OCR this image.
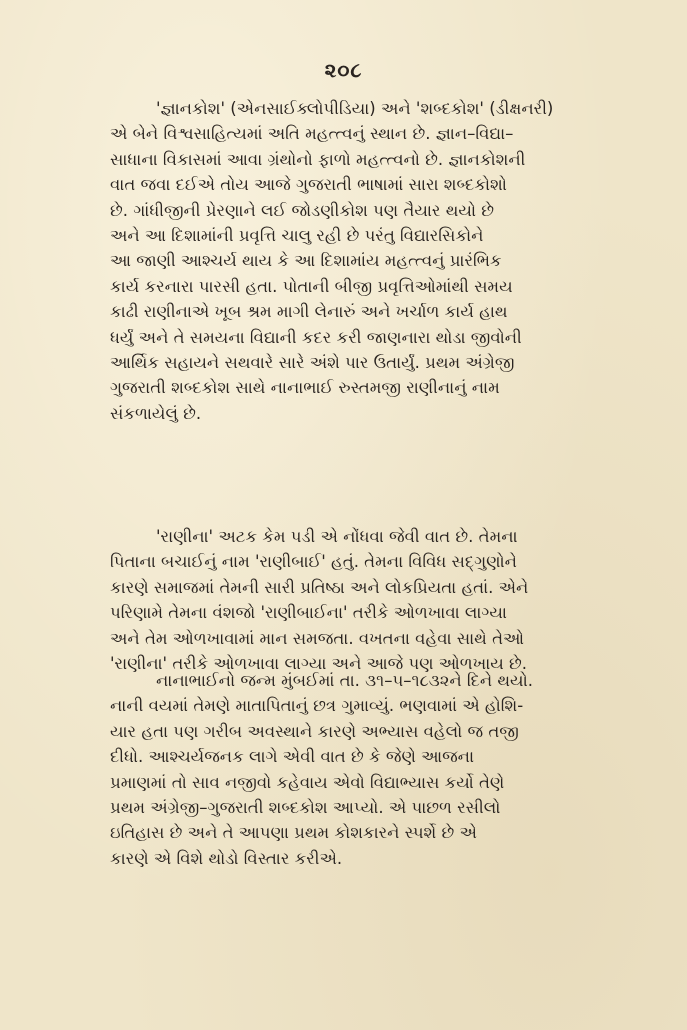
૨૦૮

'જ્ઞાનકોશ' (એનસાઈક્લોપીડિયા) અને 'શબ્દકોશ' (ડીક્ષનરી)
એ બેને વિશ્વસાહિત્યમાં અતિ મહત્ત્વનું સ્થાન છે. જ્ઞાન–વિદ્યા–
સાધાના વિકાસમાં આવા ગ્રંથોનો ફાળો મહત્ત્વનો છે. જ્ઞાનકોશની
વાત જવા દઈએ તોય આજે ગુજરાતી ભાષામાં સારા શબ્દકોશો
છે. ગાંધીજીની પ્રેરણાને લઈ જોડણીકોશ પણ તૈયાર થયો છે
અને આ દિશામાંની પ્રવૃત્તિ ચાલુ રહી છે પરંતુ વિદ્યારસિકોને
આ જાણી આશ્ચર્ય થાય કે આ દિશામાંય મહત્ત્વનું પ્રારંભિક
કાર્ય કરનારા પારસી હતા. પોતાની બીજી પ્રવૃત્તિઓમાંથી સમય
કાઢી રાણીનાએ ખૂબ શ્રમ માગી લેનારું અને ખર્ચાળ કાર્ય હાથ
ધર્યું અને તે સમયના વિદ્યાની કદર કરી જાણનારા થોડા જીવોની
આર્થિક સહાયને સથવારે સારે અંશે પાર ઉતાર્યું. પ્રથમ અંગ્રેજી
ગુજરાતી શબ્દકોશ સાથે નાનાભાઈ રુસ્તમજી રાણીનાનું નામ
સંકળાયેલું છે.

'રાણીના' અટક કેમ પડી એ નોંધવા જેવી વાત છે. તેમના
પિતાના બચાઈનું નામ 'રાણીબાઈ' હતું. તેમના વિવિધ સદ્ગુણોને
કારણે સમાજમાં તેમની સારી પ્રતિષ્ઠા અને લોકપ્રિયતા હતાં. એને
પરિણામે તેમના વંશજો 'રાણીબાઈના' તરીકે ઓળખાવા લાગ્યા
અને તેમ ઓળખાવામાં માન સમજતા. વખતના વહેવા સાથે તેઓ
'રાણીના' તરીકે ઓળખાવા લાગ્યા અને આજે પણ ઓળખાય છે.

નાનાભાઈનો જન્મ મુંબઈમાં તા. ૩૧–૫–૧૮૩૨ને દિને થયો.
નાની વયમાં તેમણે માતાપિતાનું છત્ર ગુમાવ્યું. ભણવામાં એ હોશિ-
યાર હતા પણ ગરીબ અવસ્થાને કારણે અભ્યાસ વહેલો જ તજી
દીધો. આશ્ચર્યજનક લાગે એવી વાત છે કે જેણે આજના
પ્રમાણમાં તો સાવ નજીવો કહેવાય એવો વિદ્યાભ્યાસ કર્યો તેણે
પ્રથમ અંગ્રેજી–ગુજરાતી શબ્દકોશ આપ્યો. એ પાછળ રસીલો
ઇતિહાસ છે અને તે આપણા પ્રથમ કોશકારને સ્પર્શે છે એ
કારણે એ વિશે થોડો વિસ્તાર કરીએ.
